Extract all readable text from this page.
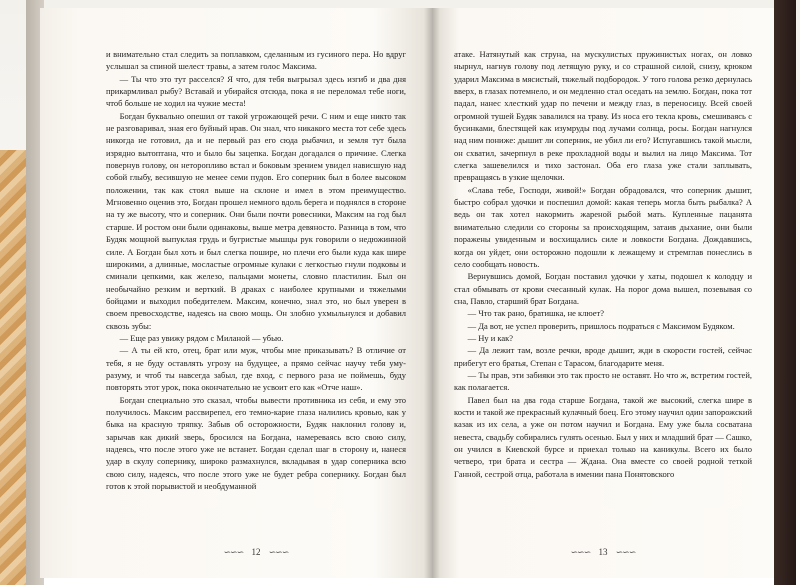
и внимательно стал следить за поплавком, сделанным из гусиного пера. Но вдруг услышал за спиной шелест травы, а затем голос Максима.

— Ты что это тут расселся? Я что, для тебя выгрызал здесь изгиб и два дня прикармливал рыбу? Вставай и убирайся отсюда, пока я не переломал тебе ноги, чтоб больше не ходил на чужие места!

Богдан буквально опешил от такой угрожающей речи. С ним и еще никто так не разговаривал, зная его буйный нрав. Он знал, что никакого места тот себе здесь никогда не готовил, да и не первый раз его сюда рыбачил, и земля тут была изрядно вытоптана, что и было бы зацепка. Богдан догадался о причине. Слегка повернув голову, он неторопливо встал и боковым зрением увидел нависшую над собой глыбу, весившую не менее семи пудов. Его соперник был в более высоком положении, так как стоял выше на склоне и имел в этом преимущество. Мгновенно оценив это, Богдан прошел немного вдоль берега и поднялся в стороне на ту же высоту, что и соперник. Они были почти ровесники, Максим на год был старше. И ростом они были одинаковы, выше метра девяносто. Разница в том, что Будяк мощной выпуклая грудь и бугристые мышцы рук говорили о недюжинной силе. А Богдан был хоть и был слегка пошире, но плечи его были куда как шире широкими, а длинные, мосластые огромные кулаки с легкостью гнули подковы и сминали цепкими, как железо, пальцами монеты, словно пластилин. Был он необычайно резким и верткий. В драках с наиболее крупными и тяжелыми бойцами и выходил победителем. Максим, конечно, знал это, но был уверен в своем превосходстве, надеясь на свою мощь. Он злобно ухмыльнулся и добавил сквозь зубы:

— Еще раз увижу рядом с Миланой — убью.

— А ты ей кто, отец, брат или муж, чтобы мне приказывать? В отличие от тебя, я не буду оставлять угрозу на будущее, а прямо сейчас научу тебя уму-разуму, и чтоб ты навсегда забыл, где вход, с первого раза не поймешь, буду повторять этот урок, пока окончательно не усвоит его как «Отче наш».

Богдан специально это сказал, чтобы вывести противника из себя, и ему это получилось. Максим рассвирепел, его темно-карие глаза налились кровью, как у быка на красную тряпку. Забыв об осторожности, Будяк наклонил голову и, зарычав как дикий зверь, бросился на Богдана, намереваясь всю свою силу, надеясь, что после этого уже не встанет. Богдан сделал шаг в сторону и, нанеся удар в скулу сопернику, широко размахнулся, вкладывая в удар соперника всю свою силу, надеясь, что после этого уже не будет ребра сопернику. Богдан был готов к этой порывистой и необдуманной

∽∽∽ 12 ∽∽∽

атаке. Натянутый как струна, на мускулистых пружинистых ногах, он ловко нырнул, нагнув голову под летящую руку, и со страшной силой, снизу, крюком ударил Максима в мясистый, тяжелый подбородок. У того голова резко дернулась вверх, в глазах потемнело, и он медленно стал оседать на землю. Богдан, пока тот падал, нанес хлесткий удар по печени и между глаз, в переносицу. Всей своей огромной тушей Будяк завалился на траву. Из носа его текла кровь, смешиваясь с бусинками, блестящей как изумруды под лучами солнца, росы. Богдан нагнулся над ним пониже: дышит ли соперник, не убил ли его? Испугавшись такой мысли, он схватил, зачерпнул в реке прохладной воды и вылил на лицо Максима. Тот слегка зашевелился и тихо застонал. Оба его глаза уже стали заплывать, превращаясь в узкие щелочки.

«Слава тебе, Господи, живой!» Богдан обрадовался, что соперник дышит, быстро собрал удочки и поспешил домой: какая теперь могла быть рыбалка? А ведь он так хотел накормить жареной рыбой мать. Купленные пацанята внимательно следили со стороны за происходящим, затаив дыхание, они были поражены увиденным и восхищались силе и ловкости Богдана. Дождавшись, когда он уйдет, они осторожно подошли к лежащему и стремглав понеслись в село сообщать новость.

Вернувшись домой, Богдан поставил удочки у хаты, подошел к колодцу и стал обмывать от крови счесанный кулак. На порог дома вышел, позевывая со сна, Павло, старший брат Богдана.

— Что так рано, братишка, не клюет?

— Да вот, не успел проверить, пришлось подраться с Максимом Будяком.

— Ну и как?

— Да лежит там, возле речки, вроде дышит, жди в скорости гостей, сейчас прибегут его братья, Степан с Тарасом, благодарите меня.

— Ты прав, эти забияки это так просто не оставят. Но что ж, встретим гостей, как полагается.

Павел был на два года старше Богдана, такой же высокий, слегка шире в кости и такой же прекрасный кулачный боец. Его этому научил один запорожский казак из их села, а уже он потом научил и Богдана. Ему уже была сосватана невеста, свадьбу собирались гулять осенью. Был у них и младший брат — Сашко, он учился в Киевской бурсе и приехал только на каникулы. Всего их было четверо, три брата и сестра — Ждана. Она вместе со своей родной теткой Ганной, сестрой отца, работала в имении пана Понятовского

∽∽∽ 13 ∽∽∽
